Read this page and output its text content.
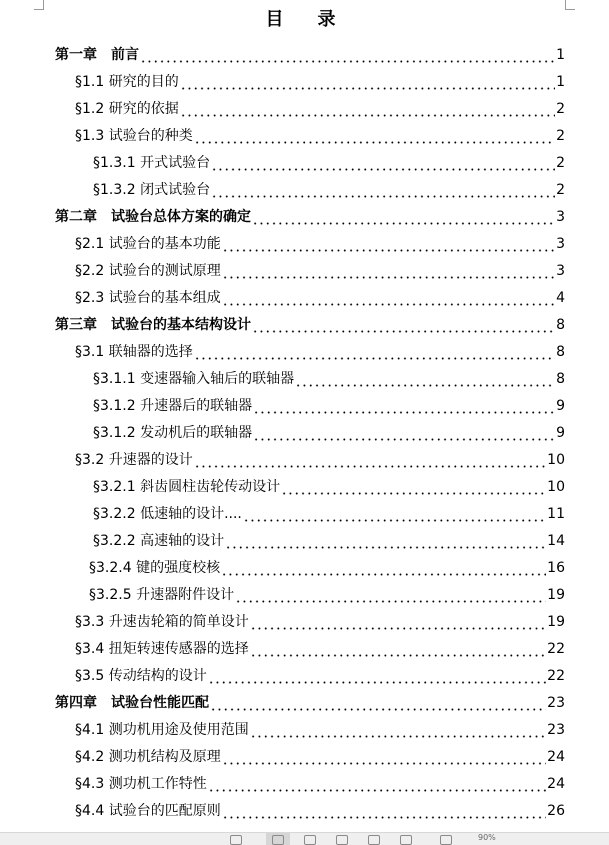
目　录
第一章　前言	1
§1.1 研究的目的	1
§1.2 研究的依据	2
§1.3 试验台的种类	2
§1.3.1 开式试验台	2
§1.3.2 闭式试验台	2
第二章　试验台总体方案的确定	3
§2.1 试验台的基本功能	3
§2.2 试验台的测试原理	3
§2.3 试验台的基本组成	4
第三章　试验台的基本结构设计	8
§3.1 联轴器的选择	8
§3.1.1 变速器输入轴后的联轴器	8
§3.1.2 升速器后的联轴器	9
§3.1.2 发动机后的联轴器	9
§3.2 升速器的设计	10
§3.2.1 斜齿圆柱齿轮传动设计	10
§3.2.2 低速轴的设计....	11
§3.2.2 高速轴的设计	14
§3.2.4 键的强度校核	16
§3.2.5 升速器附件设计	19
§3.3 升速齿轮箱的简单设计	19
§3.4 扭矩转速传感器的选择	22
§3.5 传动结构的设计	22
第四章　试验台性能匹配	23
§4.1 测功机用途及使用范围	23
§4.2 测功机结构及原理	24
§4.3 测功机工作特性	24
§4.4 试验台的匹配原则	26
90%
